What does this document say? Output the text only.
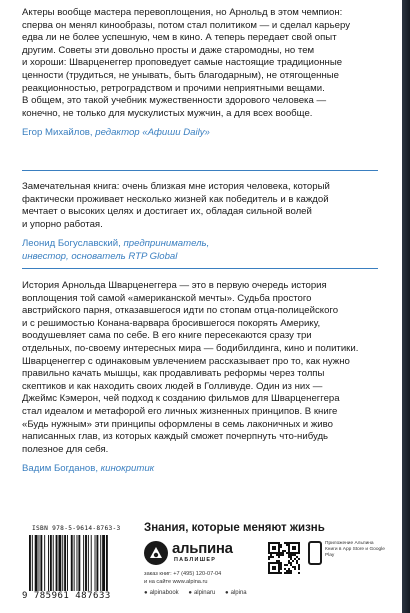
Актеры вообще мастера перевоплощения, но Арнольд в этом чемпион:

сперва он менял кинообразы, потом стал политиком — и сделал карьеру

едва ли не более успешную, чем в кино. А теперь передает свой опыт

другим. Советы эти довольно просты и даже старомодны, но тем

и хороши: Шварценеггер проповедует самые настоящие традиционные

ценности (трудиться, не унывать, быть благодарным), не отягощенные

реакционностью, ретроградством и прочими неприятными вещами.

В общем, это такой учебник мужественности здорового человека —

конечно, не только для мускулистых мужчин, а для всех вообще.

Егор Михайлов, редактор «Афиши Daily»

Замечательная книга: очень близкая мне история человека, который

фактически проживает несколько жизней как победитель и в каждой

мечтает о высоких целях и достигает их, обладая сильной волей

и упорно работая.

Леонид Богуславский, предприниматель,
инвестор, основатель RTP Global

История Арнольда Шварценеггера — это в первую очередь история

воплощения той самой «американской мечты». Судьба простого

австрийского парня, отказавшегося идти по стопам отца-полицейского

и с решимостью Конана-варвара бросившегося покорять Америку,

воодушевляет сама по себе. В его книге пересекаются сразу три

отдельных, по-своему интересных мира — бодибилдинга, кино и политики.

Шварценеггер с одинаковым увлечением рассказывает про то, как нужно

правильно качать мышцы, как продавливать реформы через толпы

скептиков и как находить своих людей в Голливуде. Один из них —

Джеймс Кэмерон, чей подход к созданию фильмов для Шварценеггера

стал идеалом и метафорой его личных жизненных принципов. В книге

«Будь нужным» эти принципы оформлены в семь лаконичных и живо

написанных глав, из которых каждый сможет почерпнуть что-нибудь

полезное для себя.

Вадим Богданов, кинокритик

ISBN 978-5-9614-8763-3
9 785961 487633
Знания, которые меняют жизнь
альпина
ПАБЛИШЕР
заказ книг: +7 (495) 120-07-04
и на сайте www.alpina.ru
Приложение Альпина Книги в App Store и Google Play
● alpinabook ● alpinaru ● alpina
